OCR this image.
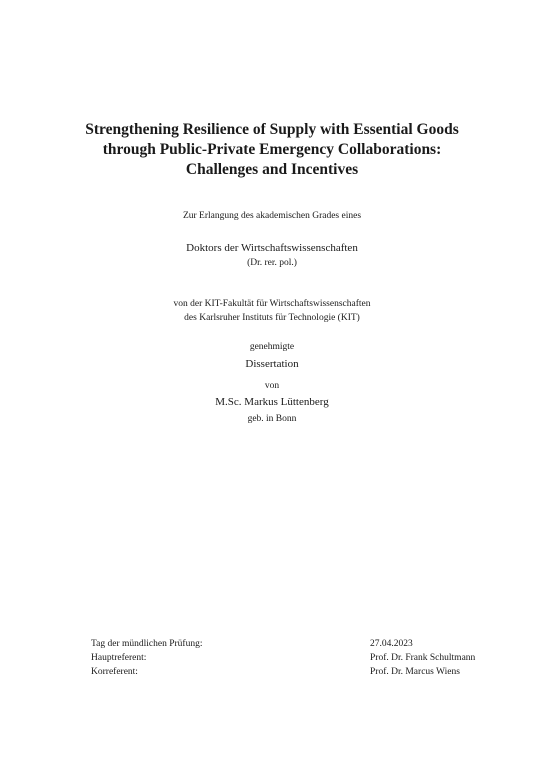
Strengthening Resilience of Supply with Essential Goods
through Public-Private Emergency Collaborations:
Challenges and Incentives
Zur Erlangung des akademischen Grades eines
Doktors der Wirtschaftswissenschaften
(Dr. rer. pol.)
von der KIT-Fakultät für Wirtschaftswissenschaften
des Karlsruher Instituts für Technologie (KIT)
genehmigte
Dissertation
von
M.Sc. Markus Lüttenberg
geb. in Bonn
Tag der mündlichen Prüfung:	27.04.2023
Hauptreferent:	Prof. Dr. Frank Schultmann
Korreferent:	Prof. Dr. Marcus Wiens
